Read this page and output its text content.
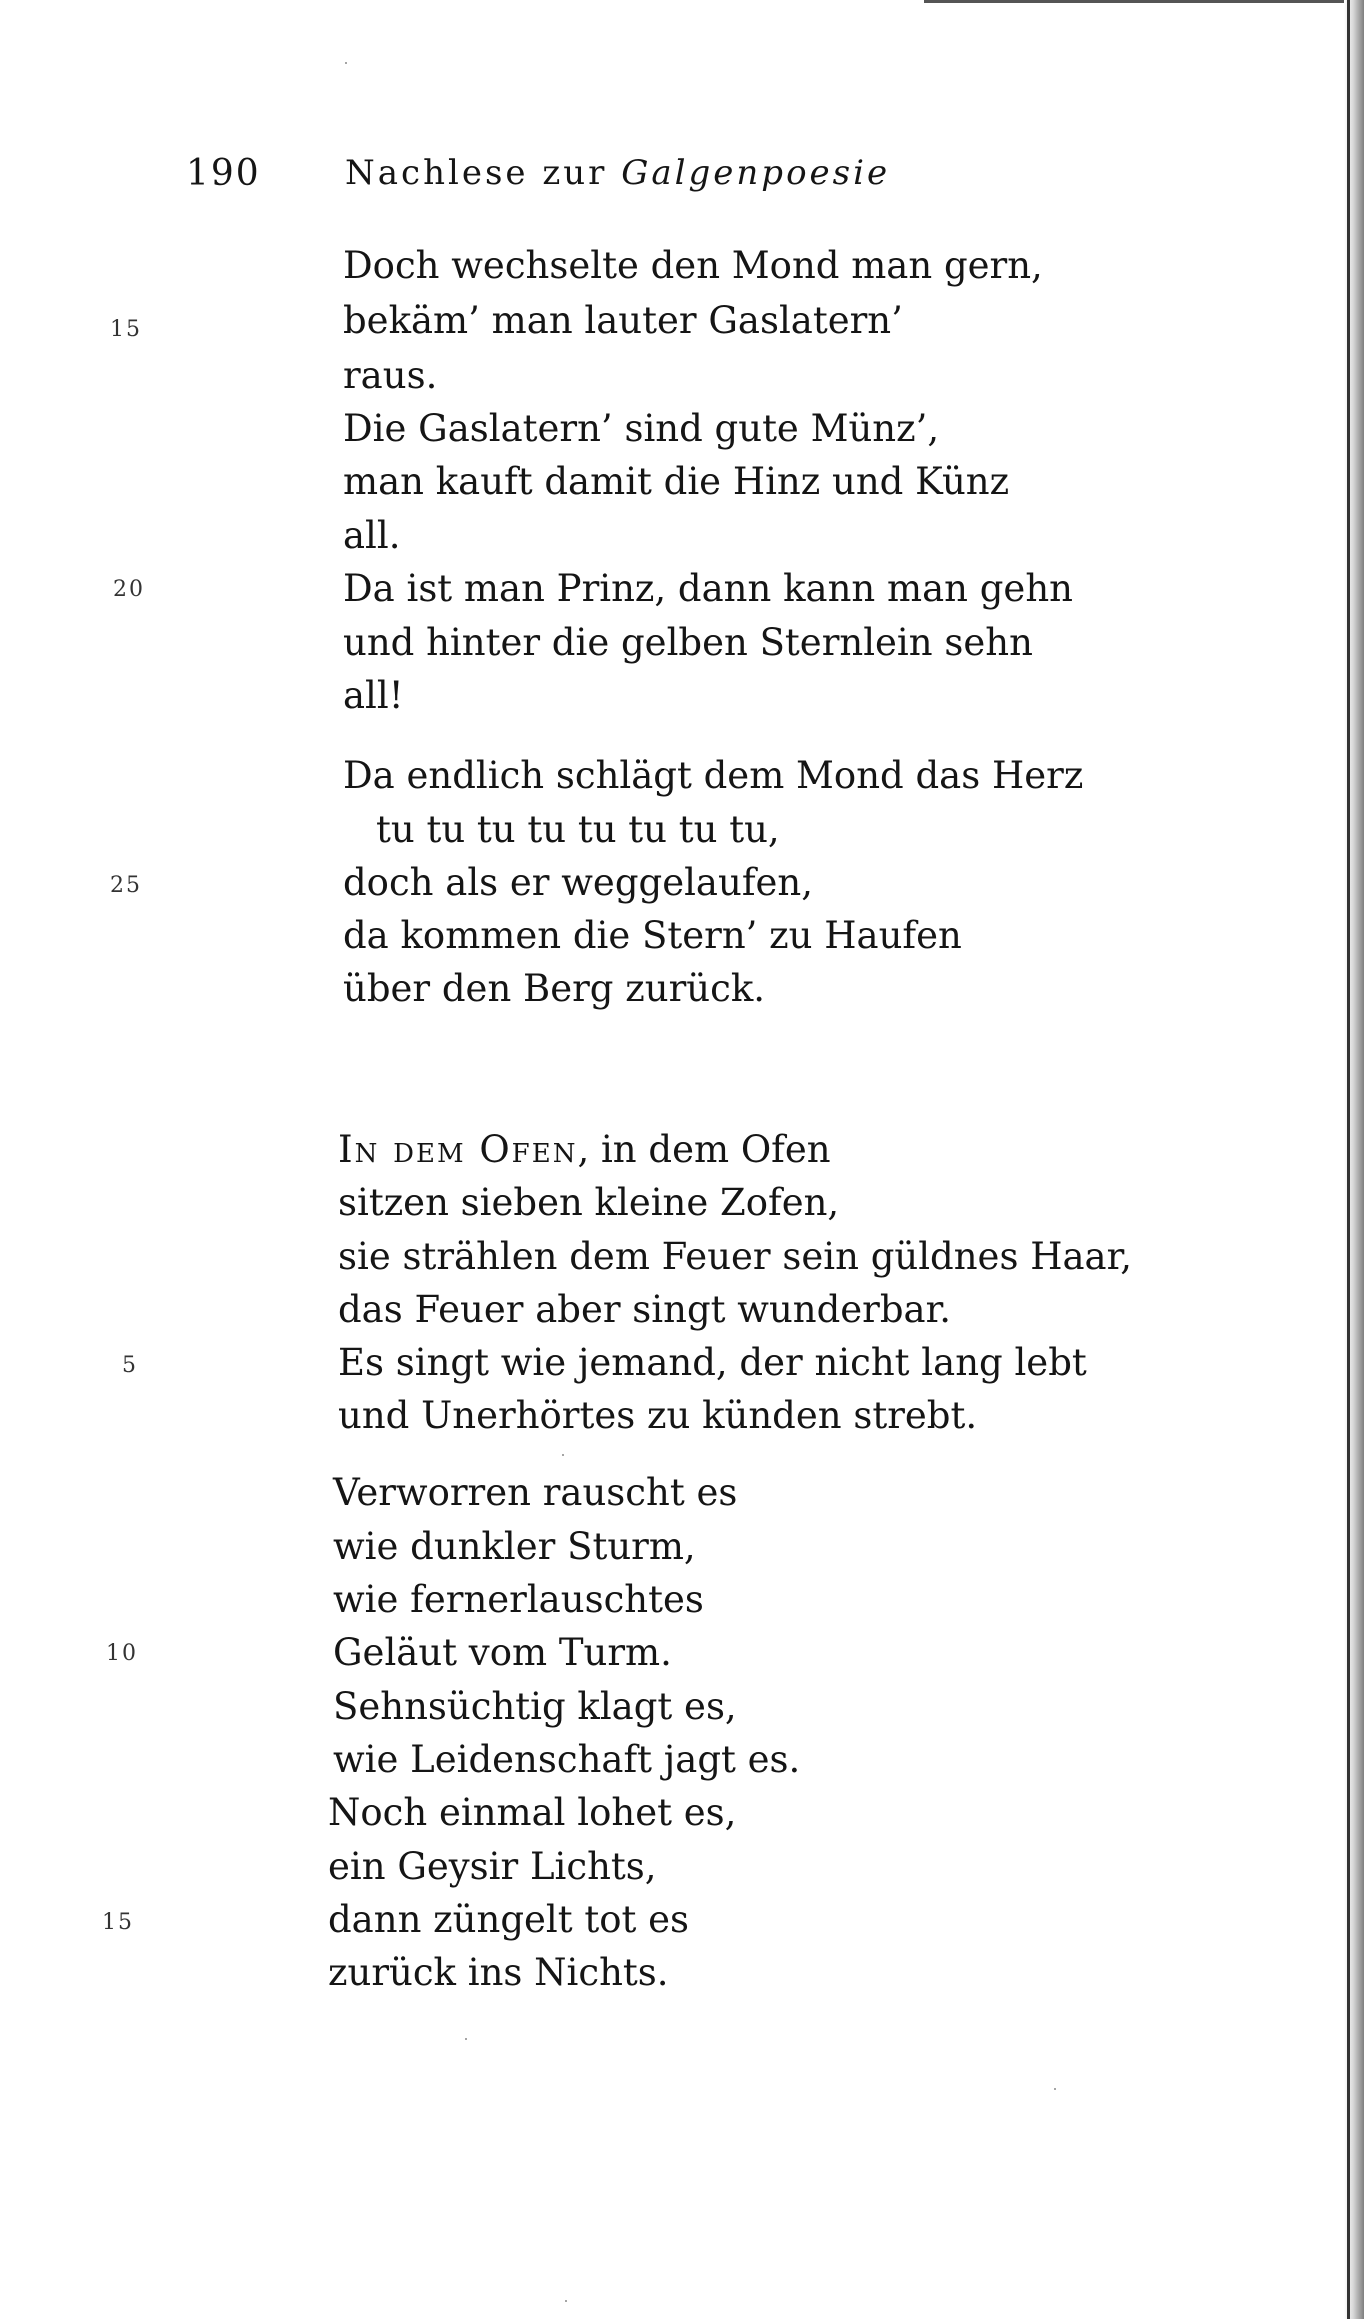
190 Nachlese zur Galgenpoesie
Doch wechselte den Mond man gern,
15	bekäm’ man lauter Gaslatern’
raus.
Die Gaslatern’ sind gute Münz’,
man kauft damit die Hinz und Künz
all.
20	Da ist man Prinz, dann kann man gehn
und hinter die gelben Sternlein sehn
all!
Da endlich schlägt dem Mond das Herz
tu tu tu tu tu tu tu tu,
25	doch als er weggelaufen,
da kommen die Stern’ zu Haufen
über den Berg zurück.
In dem Ofen, in dem Ofen
sitzen sieben kleine Zofen,
sie strählen dem Feuer sein güldnes Haar,
das Feuer aber singt wunderbar.
5	Es singt wie jemand, der nicht lang lebt
und Unerhörtes zu künden strebt.
Verworren rauscht es
wie dunkler Sturm,
wie fernerlauschtes
10	Geläut vom Turm.
Sehnsüchtig klagt es,
wie Leidenschaft jagt es.
Noch einmal lohet es,
ein Geysir Lichts,
15	dann züngelt tot es
zurück ins Nichts.
